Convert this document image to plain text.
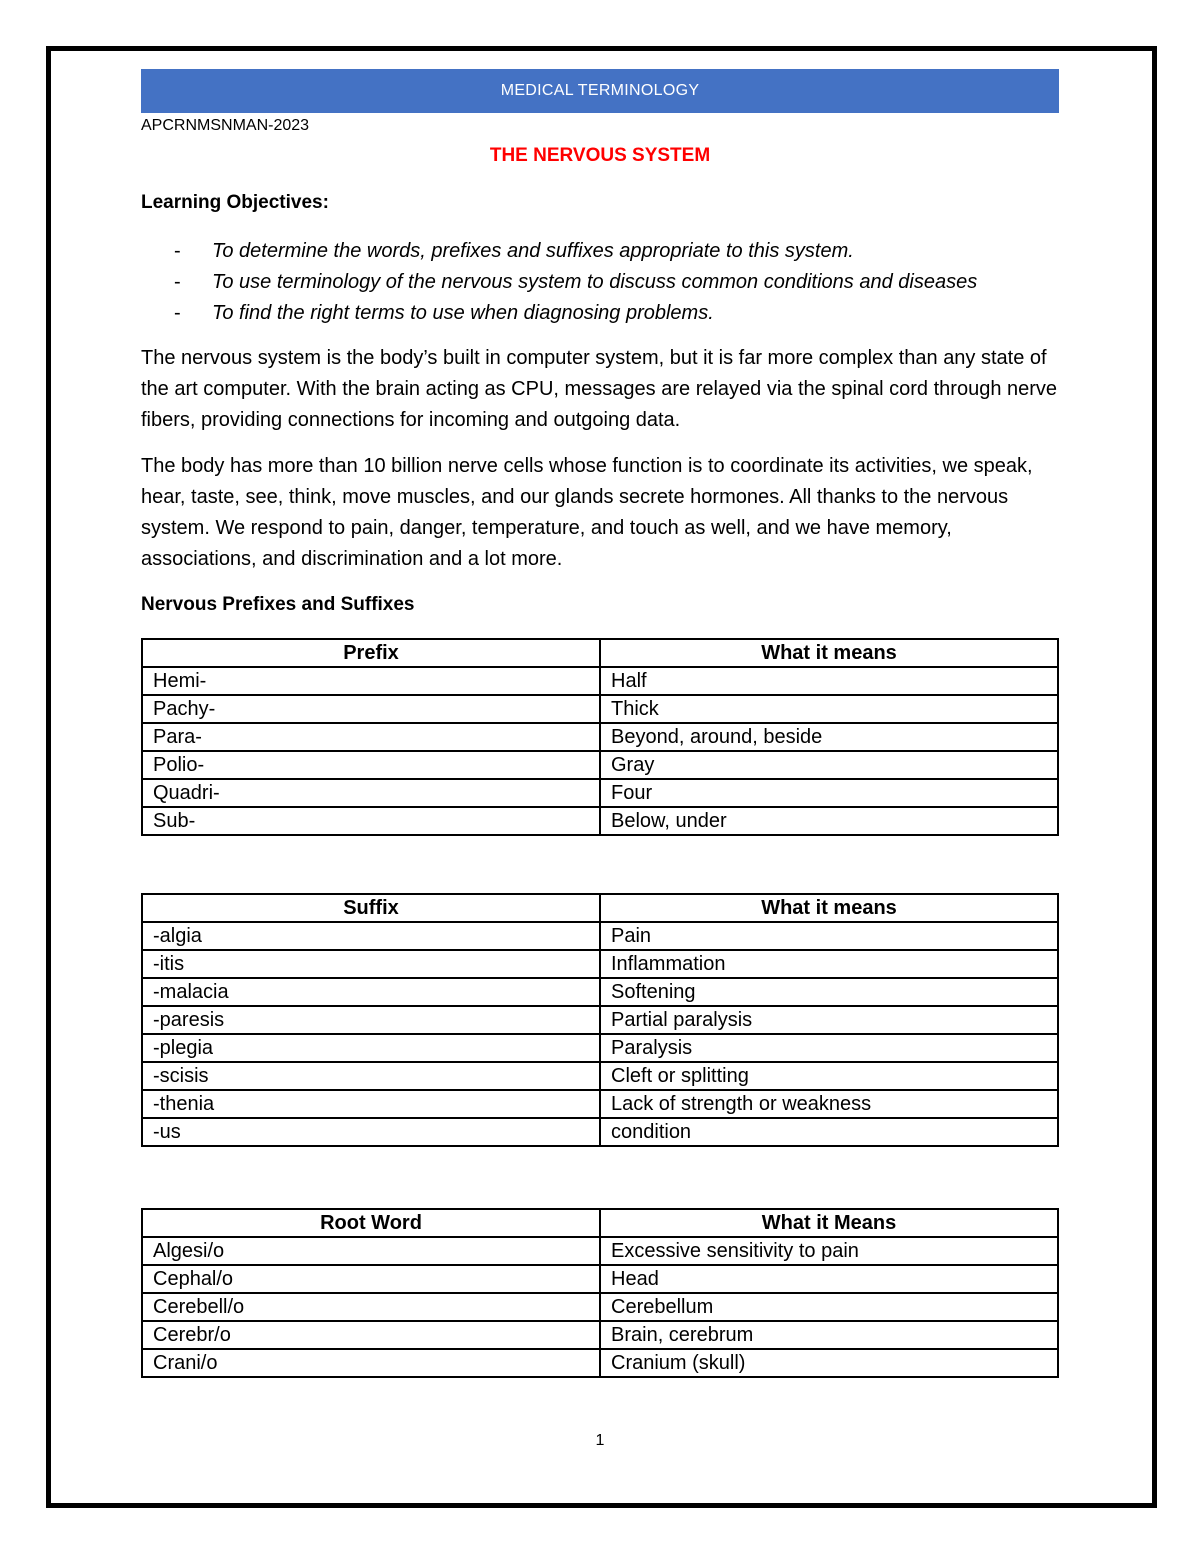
MEDICAL TERMINOLOGY
APCRNMSNMAN-2023
THE NERVOUS SYSTEM
Learning Objectives:
-	To determine the words, prefixes and suffixes appropriate to this system.
-	To use terminology of the nervous system to discuss common conditions and diseases
-	To find the right terms to use when diagnosing problems.

The nervous system is the body’s built in computer system, but it is far more complex than any state of the art computer. With the brain acting as CPU, messages are relayed via the spinal cord through nerve fibers, providing connections for incoming and outgoing data.

The body has more than 10 billion nerve cells whose function is to coordinate its activities, we speak, hear, taste, see, think, move muscles, and our glands secrete hormones. All thanks to the nervous system. We respond to pain, danger, temperature, and touch as well, and we have memory, associations, and discrimination and a lot more.

Nervous Prefixes and Suffixes
Prefix	What it means
Hemi-	Half
Pachy-	Thick
Para-	Beyond, around, beside
Polio-	Gray
Quadri-	Four
Sub-	Below, under
Suffix	What it means
-algia	Pain
-itis	Inflammation
-malacia	Softening
-paresis	Partial paralysis
-plegia	Paralysis
-scisis	Cleft or splitting
-thenia	Lack of strength or weakness
-us	condition
Root Word	What it Means
Algesi/o	Excessive sensitivity to pain
Cephal/o	Head
Cerebell/o	Cerebellum
Cerebr/o	Brain, cerebrum
Crani/o	Cranium (skull)
1
